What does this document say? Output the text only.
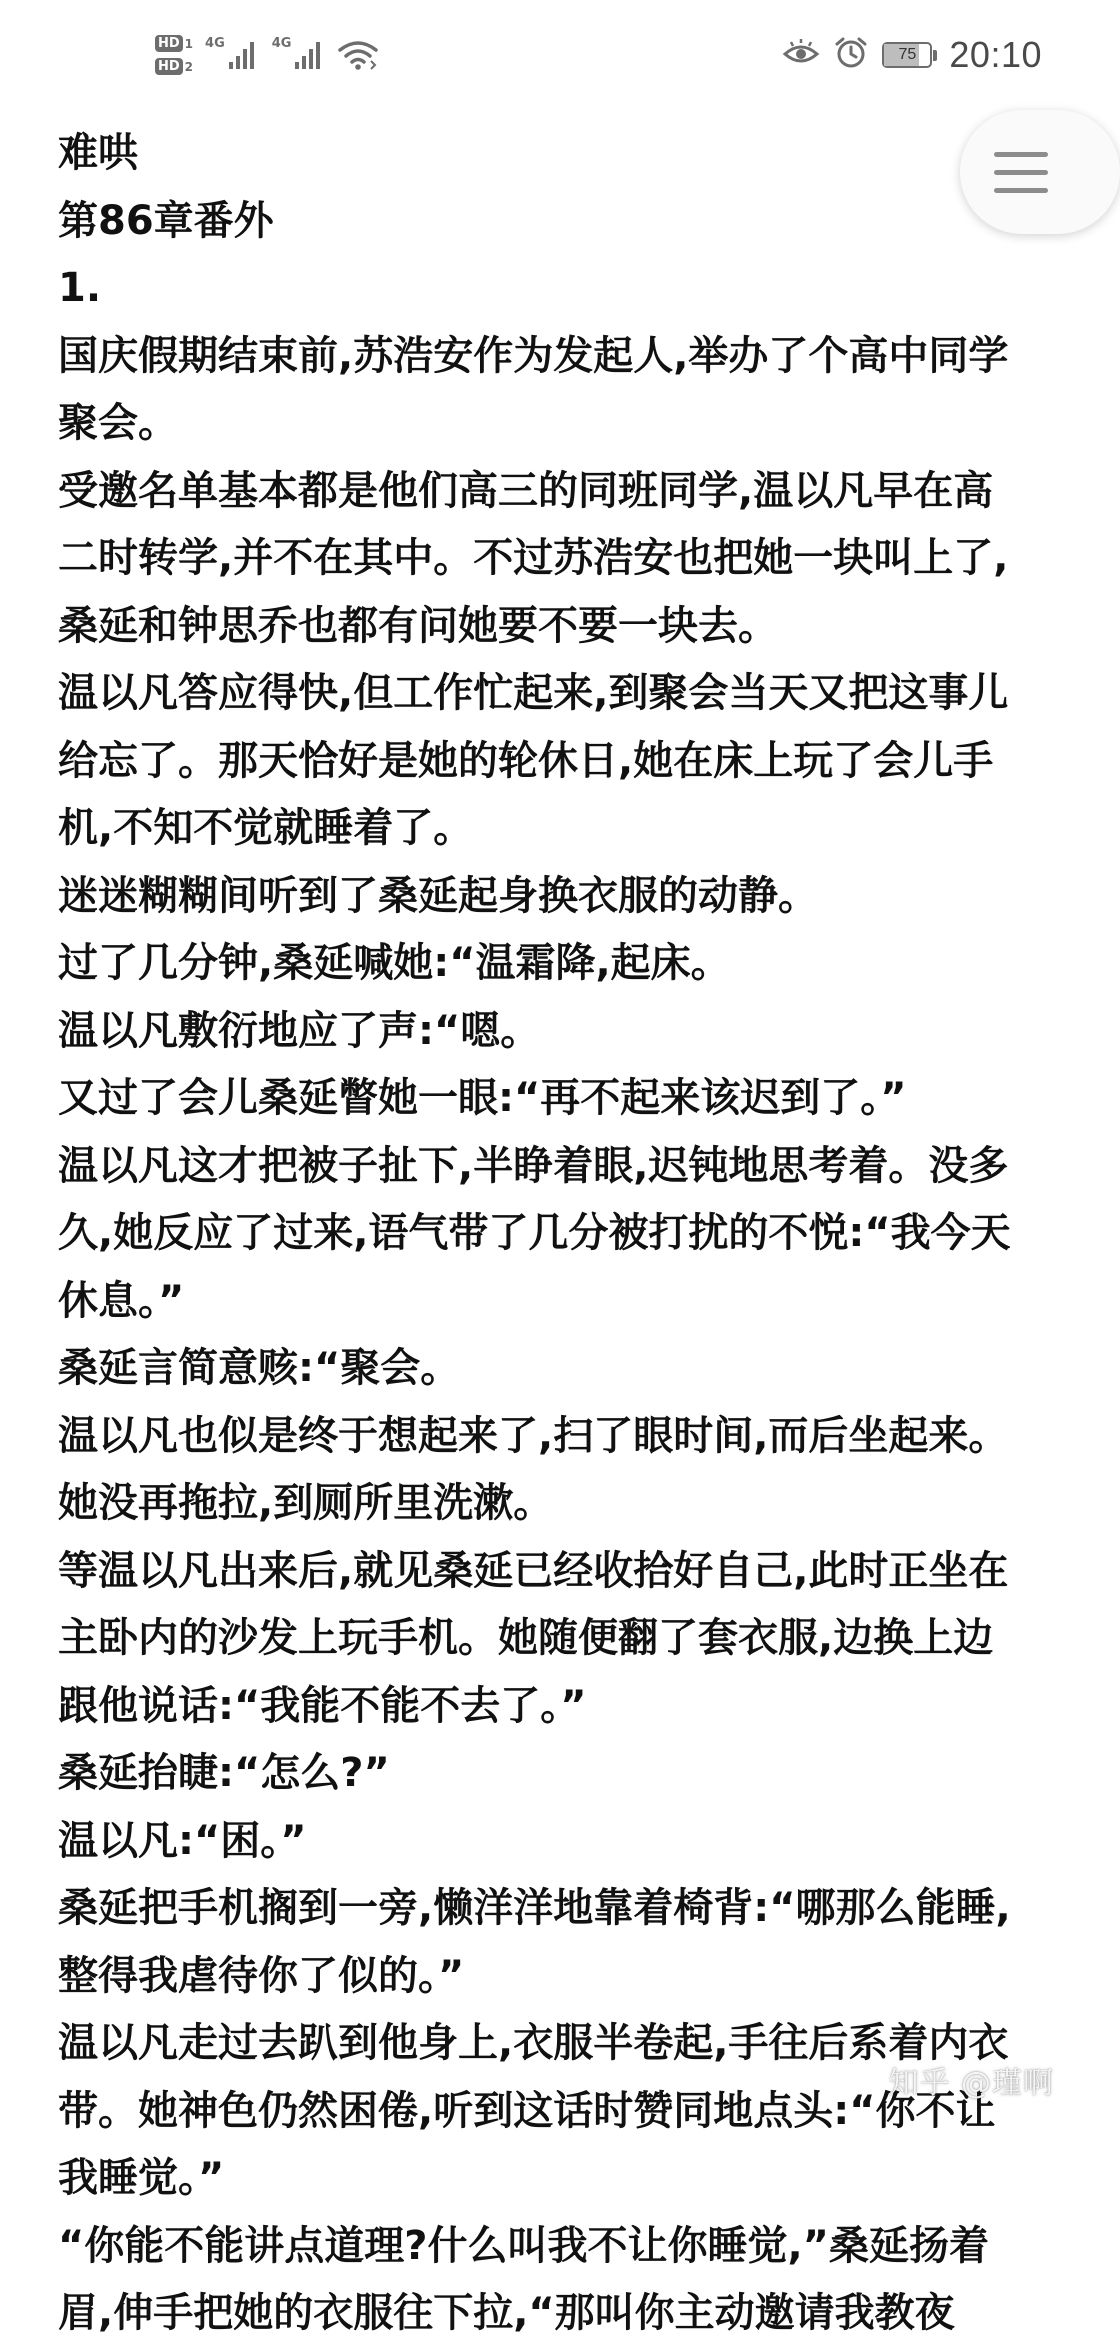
HD 1
HD 2
4G	4G
75 20:10

难哄

第86章番外

1.

国庆假期结束前,苏浩安作为发起人,举办了个高中同学聚会。

受邀名单基本都是他们高三的同班同学,温以凡早在高二时转学,并不在其中。不过苏浩安也把她一块叫上了,桑延和钟思乔也都有问她要不要一块去。

温以凡答应得快,但工作忙起来,到聚会当天又把这事儿给忘了。那天恰好是她的轮休日,她在床上玩了会儿手机,不知不觉就睡着了。

迷迷糊糊间听到了桑延起身换衣服的动静。

过了几分钟,桑延喊她:“温霜降,起床。

温以凡敷衍地应了声:“嗯。

又过了会儿桑延瞥她一眼:“再不起来该迟到了。”

温以凡这才把被子扯下,半睁着眼,迟钝地思考着。没多久,她反应了过来,语气带了几分被打扰的不悦:“我今天休息。”

桑延言简意赅:“聚会。

温以凡也似是终于想起来了,扫了眼时间,而后坐起来。她没再拖拉,到厕所里洗漱。

等温以凡出来后,就见桑延已经收拾好自己,此时正坐在主卧内的沙发上玩手机。她随便翻了套衣服,边换上边跟他说话:“我能不能不去了。”

桑延抬睫:“怎么?”

温以凡:“困。”

桑延把手机搁到一旁,懒洋洋地靠着椅背:“哪那么能睡,整得我虐待你了似的。”

温以凡走过去趴到他身上,衣服半卷起,手往后系着内衣带。她神色仍然困倦,听到这话时赞同地点头:“你不让我睡觉。”

“你能不能讲点道理?什么叫我不让你睡觉,”桑延扬着眉,伸手把她的衣服往下拉,“那叫你主动邀请我教夜

知乎 @瑾啊
